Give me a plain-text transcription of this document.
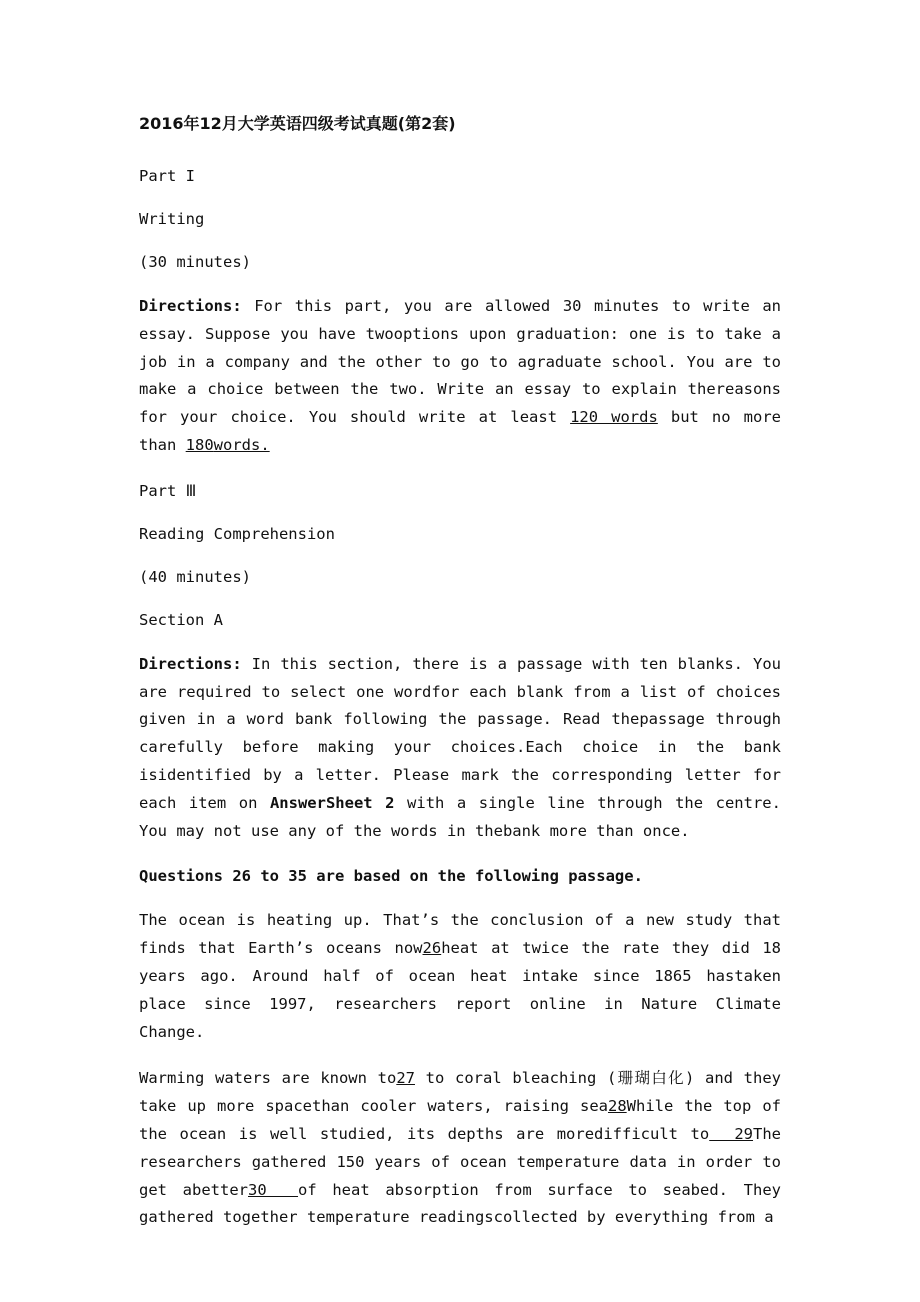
2016年12月大学英语四级考试真题(第2套)
Part I
Writing
(30 minutes)
Directions: For this part, you are allowed 30 minutes to write an essay. Suppose you have twooptions upon graduation: one is to take a job in a company and the other to go to agraduate school. You are to make a choice between the two. Write an essay to explain thereasons for your choice. You should write at least 120 words but no more than 180words.
Part Ⅲ
Reading Comprehension
(40 minutes)
Section A
Directions: In this section, there is a passage with ten blanks. You are required to select one wordfor each blank from a list of choices given in a word bank following the passage. Read thepassage through carefully before making your choices.Each choice in the bank isidentified by a letter. Please mark the corresponding letter for each item on AnswerSheet 2 with a single line through the centre. You may not use any of the words in thebank more than once.
Questions 26 to 35 are based on the following passage.
The ocean is heating up. That’s the conclusion of a new study that finds that Earth’s oceans now26heat at twice the rate they did 18 years ago. Around half of ocean heat intake since 1865 hastaken place since 1997, researchers report online in Nature Climate Change.
Warming waters are known to27 to coral bleaching (珊瑚白化) and they take up more spacethan cooler waters, raising sea28While the top of the ocean is well studied, its depths are moredifficult to  29The researchers gathered 150 years of ocean temperature data in order to get abetter30  of heat absorption from surface to seabed. They gathered together temperature readingscollected by everything from a
